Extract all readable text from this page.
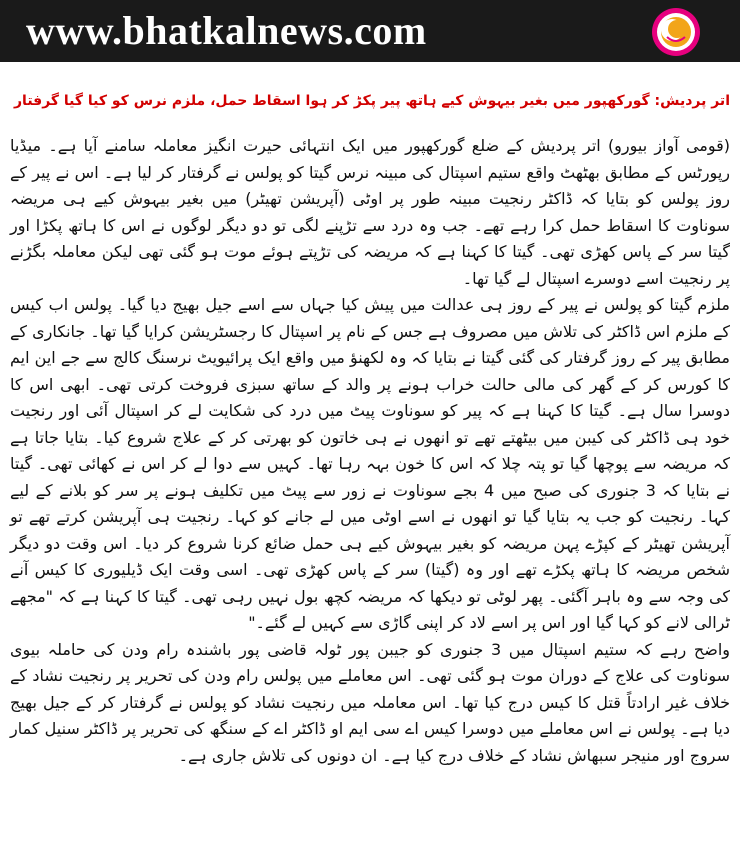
www.bhatkalnews.com
اتر پردیش: گورکھپور میں بغیر بیہوش کیے ہاتھ پیر پکڑ کر ہوا اسقاط حمل، ملزم نرس کو کیا گیا گرفتار

(قومی آواز بیورو) اتر پردیش کے ضلع گورکھپور میں ایک انتہائی حیرت انگیز معاملہ سامنے آیا ہے۔ میڈیا رپورٹس کے مطابق بھٹھٹ واقع ستیم اسپتال کی مبینہ نرس گیتا کو پولس نے گرفتار کر لیا ہے۔ اس نے پیر کے روز پولس کو بتایا کہ ڈاکٹر رنجیت مبینہ طور پر اوٹی (آپریشن تھیٹر) میں بغیر بیہوش کیے ہی مریضہ سوناوت کا اسقاط حمل کرا رہے تھے۔ جب وہ درد سے تڑپنے لگی تو دو دیگر لوگوں نے اس کا ہاتھ پکڑا اور گیتا سر کے پاس کھڑی تھی۔ گیتا کا کہنا ہے کہ مریضہ کی تڑپتے ہوئے موت ہو گئی تھی لیکن معاملہ بگڑنے پر رنجیت اسے دوسرے اسپتال لے گیا تھا۔

ملزم گیتا کو پولس نے پیر کے روز ہی عدالت میں پیش کیا جہاں سے اسے جیل بھیج دیا گیا۔ پولس اب کیس کے ملزم اس ڈاکٹر کی تلاش میں مصروف ہے جس کے نام پر اسپتال کا رجسٹریشن کرایا گیا تھا۔ جانکاری کے مطابق پیر کے روز گرفتار کی گئی گیتا نے بتایا کہ وہ لکھنؤ میں واقع ایک پرائیویٹ نرسنگ کالج سے جے این ایم کا کورس کر کے گھر کی مالی حالت خراب ہونے پر والد کے ساتھ سبزی فروخت کرتی تھی۔ ابھی اس کا دوسرا سال ہے۔ گیتا کا کہنا ہے کہ پیر کو سوناوت پیٹ میں درد کی شکایت لے کر اسپتال آئی اور رنجیت خود ہی ڈاکٹر کی کیبن میں بیٹھتے تھے تو انھوں نے ہی خاتون کو بھرتی کر کے علاج شروع کیا۔ بتایا جاتا ہے کہ مریضہ سے پوچھا گیا تو پتہ چلا کہ اس کا خون بہہ رہا تھا۔ کہیں سے دوا لے کر اس نے کھائی تھی۔ گیتا نے بتایا کہ 3 جنوری کی صبح میں 4 بجے سوناوت نے زور سے پیٹ میں تکلیف ہونے پر سر کو بلانے کے لیے کہا۔ رنجیت کو جب یہ بتایا گیا تو انھوں نے اسے اوٹی میں لے جانے کو کہا۔ رنجیت ہی آپریشن کرتے تھے تو آپریشن تھیٹر کے کپڑے پہن مریضہ کو بغیر بیہوش کیے ہی حمل ضائع کرنا شروع کر دیا۔ اس وقت دو دیگر شخص مریضہ کا ہاتھ پکڑے تھے اور وہ (گیتا) سر کے پاس کھڑی تھی۔ اسی وقت ایک ڈیلیوری کا کیس آنے کی وجہ سے وہ باہر آگئی۔ پھر لوٹی تو دیکھا کہ مریضہ کچھ بول نہیں رہی تھی۔ گیتا کا کہنا ہے کہ "مجھے ٹرالی لانے کو کہا گیا اور اس پر اسے لاد کر اپنی گاڑی سے کہیں لے گئے۔"

واضح رہے کہ ستیم اسپتال میں 3 جنوری کو جیبن پور ٹولہ قاضی پور باشندہ رام ودن کی حاملہ بیوی سوناوت کی علاج کے دوران موت ہو گئی تھی۔ اس معاملے میں پولس رام ودن کی تحریر پر رنجیت نشاد کے خلاف غیر ارادتاً قتل کا کیس درج کیا تھا۔ اس معاملہ میں رنجیت نشاد کو پولس نے گرفتار کر کے جیل بھیج دیا ہے۔ پولس نے اس معاملے میں دوسرا کیس اے سی ایم او ڈاکٹر اے کے سنگھ کی تحریر پر ڈاکٹر سنیل کمار سروج اور منیجر سبھاش نشاد کے خلاف درج کیا ہے۔ ان دونوں کی تلاش جاری ہے۔
